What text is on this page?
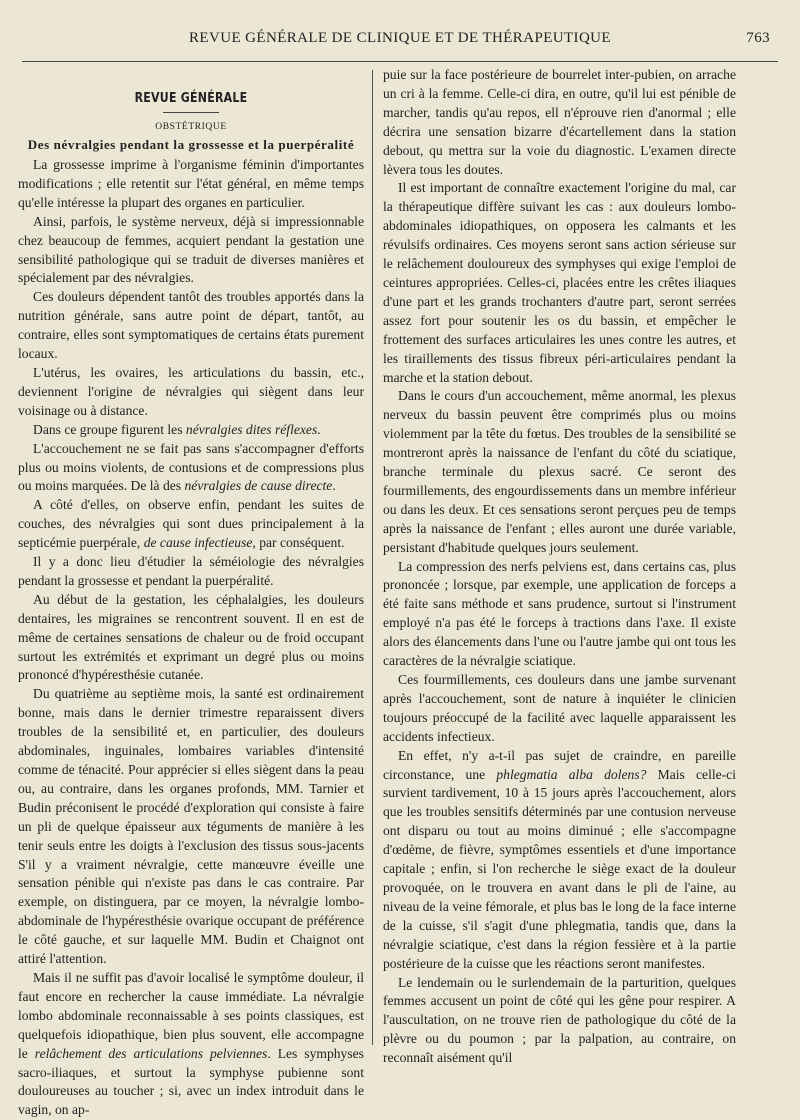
REVUE GÉNÉRALE DE CLINIQUE ET DE THÉRAPEUTIQUE	763
REVUE GÉNÉRALE
OBSTÉTRIQUE
Des névralgies pendant la grossesse et la puerpéralité

La grossesse imprime à l'organisme féminin d'importantes modifications ; elle retentit sur l'état général, en même temps qu'elle intéresse la plupart des organes en particulier.

Ainsi, parfois, le système nerveux, déjà si impressionnable chez beaucoup de femmes, acquiert pendant la gestation une sensibilité pathologique qui se traduit de diverses manières et spécialement par des névralgies.

Ces douleurs dépendent tantôt des troubles apportés dans la nutrition générale, sans autre point de départ, tantôt, au contraire, elles sont symptomatiques de certains états purement locaux.

L'utérus, les ovaires, les articulations du bassin, etc., deviennent l'origine de névralgies qui siègent dans leur voisinage ou à distance.

Dans ce groupe figurent les névralgies dites réflexes.

L'accouchement ne se fait pas sans s'accompagner d'efforts plus ou moins violents, de contusions et de compressions plus ou moins marquées. De là des névralgies de cause directe.

A côté d'elles, on observe enfin, pendant les suites de couches, des névralgies qui sont dues principalement à la septicémie puerpérale, de cause infectieuse, par conséquent.

Il y a donc lieu d'étudier la séméiologie des névralgies pendant la grossesse et pendant la puerpéralité.

Au début de la gestation, les céphalalgies, les douleurs dentaires, les migraines se rencontrent souvent. Il en est de même de certaines sensations de chaleur ou de froid occupant surtout les extrémités et exprimant un degré plus ou moins prononcé d'hypéresthésie cutanée.

Du quatrième au septième mois, la santé est ordinairement bonne, mais dans le dernier trimestre reparaissent divers troubles de la sensibilité et, en particulier, des douleurs abdominales, inguinales, lombaires variables d'intensité comme de ténacité. Pour apprécier si elles siègent dans la peau ou, au contraire, dans les organes profonds, MM. Tarnier et Budin préconisent le procédé d'exploration qui consiste à faire un pli de quelque épaisseur aux téguments de manière à les tenir seuls entre les doigts à l'exclusion des tissus sous-jacents S'il y a vraiment névralgie, cette manœuvre éveille une sensation pénible qui n'existe pas dans le cas contraire. Par exemple, on distinguera, par ce moyen, la névralgie lombo-abdominale de l'hypéresthésie ovarique occupant de préférence le côté gauche, et sur laquelle MM. Budin et Chaignot ont attiré l'attention.

Mais il ne suffit pas d'avoir localisé le symptôme douleur, il faut encore en rechercher la cause immédiate. La névralgie lombo abdominale reconnaissable à ses points classiques, est quelquefois idiopathique, bien plus souvent, elle accompagne le relâchement des articulations pelviennes. Les symphyses sacro-iliaques, et surtout la symphyse pubienne sont douloureuses au toucher ; si, avec un index introduit dans le vagin, on ap-

puie sur la face postérieure de bourrelet inter-pubien, on arrache un cri à la femme. Celle-ci dira, en outre, qu'il lui est pénible de marcher, tandis qu'au repos, ell n'éprouve rien d'anormal ; elle décrira une sensation bizarre d'écartellement dans la station debout, qu mettra sur la voie du diagnostic. L'examen directe lèvera tous les doutes.

Il est important de connaître exactement l'origine du mal, car la thérapeutique diffère suivant les cas : aux douleurs lombo-abdominales idiopathiques, on opposera les calmants et les révulsifs ordinaires. Ces moyens seront sans action sérieuse sur le relâchement douloureux des symphyses qui exige l'emploi de ceintures appropriées. Celles-ci, placées entre les crêtes iliaques d'une part et les grands trochanters d'autre part, seront serrées assez fort pour soutenir les os du bassin, et empêcher le frottement des surfaces articulaires les unes contre les autres, et les tiraillements des tissus fibreux péri-articulaires pendant la marche et la station debout.

Dans le cours d'un accouchement, même anormal, les plexus nerveux du bassin peuvent être comprimés plus ou moins violemment par la tête du fœtus. Des troubles de la sensibilité se montreront après la naissance de l'enfant du côté du sciatique, branche terminale du plexus sacré. Ce seront des fourmillements, des engourdissements dans un membre inférieur ou dans les deux. Et ces sensations seront perçues peu de temps après la naissance de l'enfant ; elles auront une durée variable, persistant d'habitude quelques jours seulement.

La compression des nerfs pelviens est, dans certains cas, plus prononcée ; lorsque, par exemple, une application de forceps a été faite sans méthode et sans prudence, surtout si l'instrument employé n'a pas été le forceps à tractions dans l'axe. Il existe alors des élancements dans l'une ou l'autre jambe qui ont tous les caractères de la névralgie sciatique.

Ces fourmillements, ces douleurs dans une jambe survenant après l'accouchement, sont de nature à inquiéter le clinicien toujours préoccupé de la facilité avec laquelle apparaissent les accidents infectieux.

En effet, n'y a-t-il pas sujet de craindre, en pareille circonstance, une phlegmatia alba dolens? Mais celle-ci survient tardivement, 10 à 15 jours après l'accouchement, alors que les troubles sensitifs déterminés par une contusion nerveuse ont disparu ou tout au moins diminué ; elle s'accompagne d'œdème, de fièvre, symptômes essentiels et d'une importance capitale ; enfin, si l'on recherche le siège exact de la douleur provoquée, on le trouvera en avant dans le pli de l'aine, au niveau de la veine fémorale, et plus bas le long de la face interne de la cuisse, s'il s'agit d'une phlegmatia, tandis que, dans la névralgie sciatique, c'est dans la région fessière et à la partie postérieure de la cuisse que les réactions seront manifestes.

Le lendemain ou le surlendemain de la parturition, quelques femmes accusent un point de côté qui les gêne pour respirer. A l'auscultation, on ne trouve rien de pathologique du côté de la plèvre ou du poumon ; par la palpation, au contraire, on reconnaît aisément qu'il
